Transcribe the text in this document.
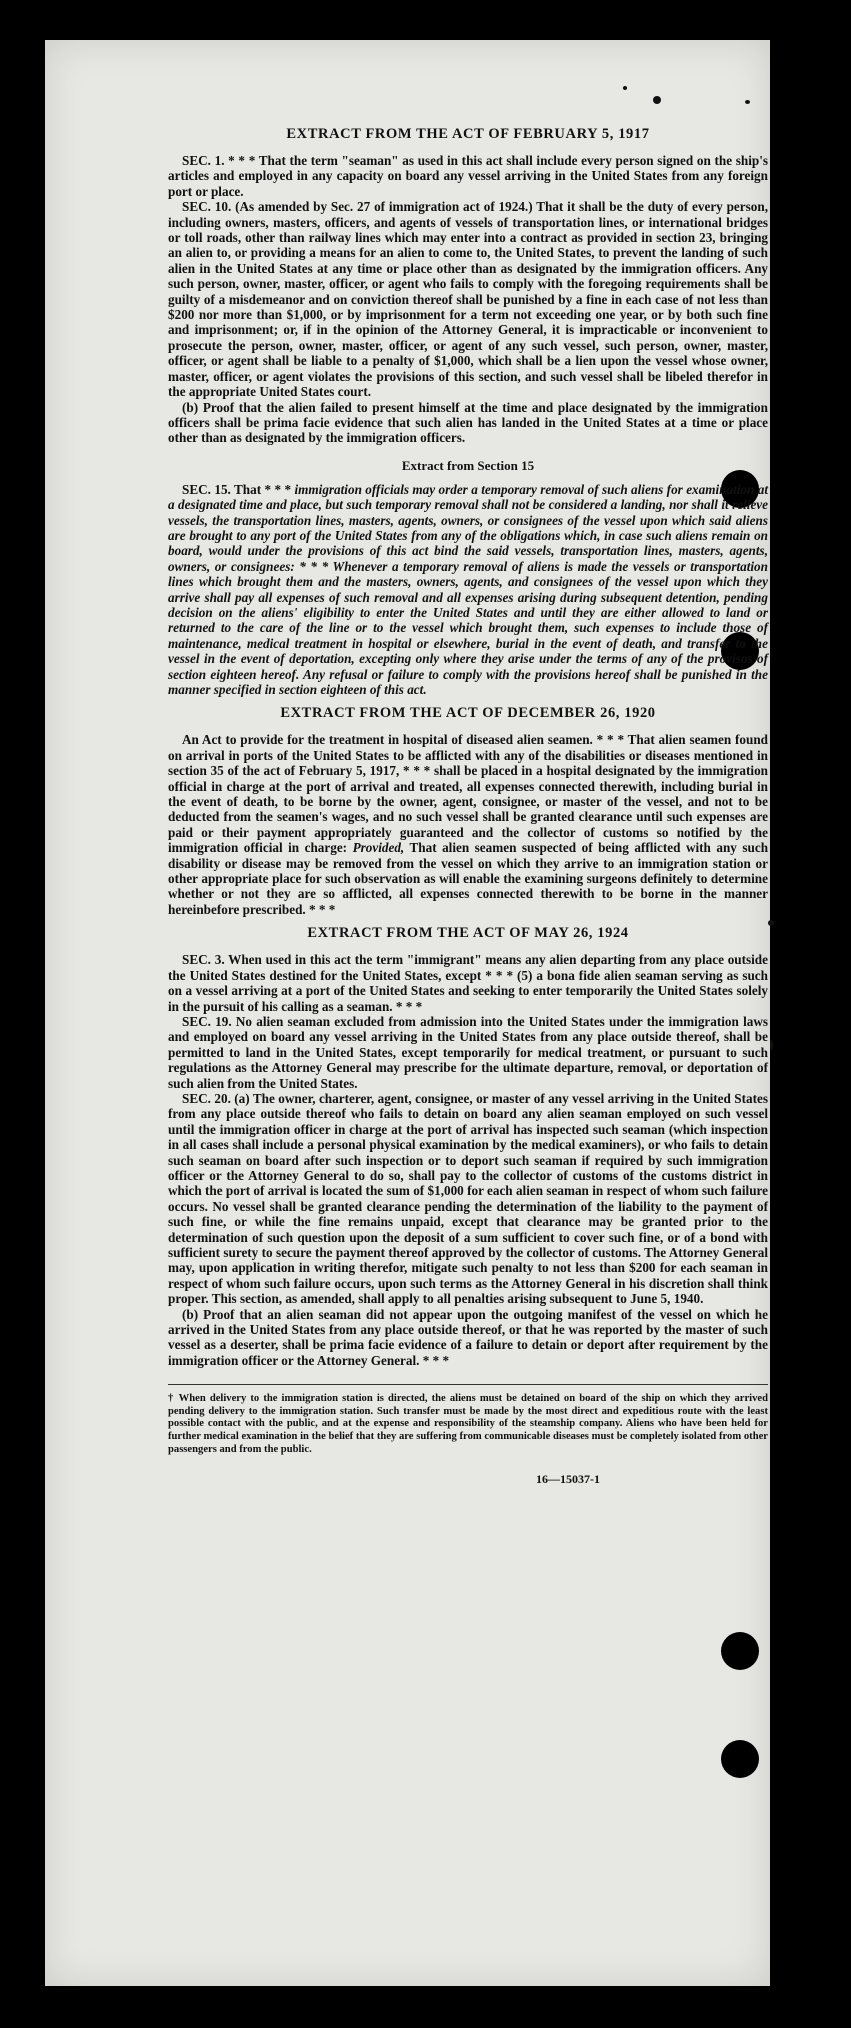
EXTRACT FROM THE ACT OF FEBRUARY 5, 1917

SEC. 1. * * * That the term "seaman" as used in this act shall include every person signed on the ship's articles and employed in any capacity on board any vessel arriving in the United States from any foreign port or place.

SEC. 10. (As amended by Sec. 27 of immigration act of 1924.) That it shall be the duty of every person, including owners, masters, officers, and agents of vessels of transportation lines, or international bridges or toll roads, other than railway lines which may enter into a contract as provided in section 23, bringing an alien to, or providing a means for an alien to come to, the United States, to prevent the landing of such alien in the United States at any time or place other than as designated by the immigration officers. Any such person, owner, master, officer, or agent who fails to comply with the foregoing requirements shall be guilty of a misdemeanor and on conviction thereof shall be punished by a fine in each case of not less than $200 nor more than $1,000, or by imprisonment for a term not exceeding one year, or by both such fine and imprisonment; or, if in the opinion of the Attorney General, it is impracticable or inconvenient to prosecute the person, owner, master, officer, or agent of any such vessel, such person, owner, master, officer, or agent shall be liable to a penalty of $1,000, which shall be a lien upon the vessel whose owner, master, officer, or agent violates the provisions of this section, and such vessel shall be libeled therefor in the appropriate United States court.

(b) Proof that the alien failed to present himself at the time and place designated by the immigration officers shall be prima facie evidence that such alien has landed in the United States at a time or place other than as designated by the immigration officers.

Extract from Section 15

SEC. 15. That * * * immigration officials may order a temporary removal of such aliens for examination at a designated time and place, but such temporary removal shall not be considered a landing, nor shall it relieve vessels, the transportation lines, masters, agents, owners, or consignees of the vessel upon which said aliens are brought to any port of the United States from any of the obligations which, in case such aliens remain on board, would under the provisions of this act bind the said vessels, transportation lines, masters, agents, owners, or consignees: * * * Whenever a temporary removal of aliens is made the vessels or transportation lines which brought them and the masters, owners, agents, and consignees of the vessel upon which they arrive shall pay all expenses of such removal and all expenses arising during subsequent detention, pending decision on the aliens' eligibility to enter the United States and until they are either allowed to land or returned to the care of the line or to the vessel which brought them, such expenses to include those of maintenance, medical treatment in hospital or elsewhere, burial in the event of death, and transfer to the vessel in the event of deportation, excepting only where they arise under the terms of any of the provisos of section eighteen hereof. Any refusal or failure to comply with the provisions hereof shall be punished in the manner specified in section eighteen of this act.

EXTRACT FROM THE ACT OF DECEMBER 26, 1920

An Act to provide for the treatment in hospital of diseased alien seamen. * * * That alien seamen found on arrival in ports of the United States to be afflicted with any of the disabilities or diseases mentioned in section 35 of the act of February 5, 1917, * * * shall be placed in a hospital designated by the immigration official in charge at the port of arrival and treated, all expenses connected therewith, including burial in the event of death, to be borne by the owner, agent, consignee, or master of the vessel, and not to be deducted from the seamen's wages, and no such vessel shall be granted clearance until such expenses are paid or their payment appropriately guaranteed and the collector of customs so notified by the immigration official in charge: Provided, That alien seamen suspected of being afflicted with any such disability or disease may be removed from the vessel on which they arrive to an immigration station or other appropriate place for such observation as will enable the examining surgeons definitely to determine whether or not they are so afflicted, all expenses connected therewith to be borne in the manner hereinbefore prescribed. * * *

EXTRACT FROM THE ACT OF MAY 26, 1924

SEC. 3. When used in this act the term "immigrant" means any alien departing from any place outside the United States destined for the United States, except * * * (5) a bona fide alien seaman serving as such on a vessel arriving at a port of the United States and seeking to enter temporarily the United States solely in the pursuit of his calling as a seaman. * * *

SEC. 19. No alien seaman excluded from admission into the United States under the immigration laws and employed on board any vessel arriving in the United States from any place outside thereof, shall be permitted to land in the United States, except temporarily for medical treatment, or pursuant to such regulations as the Attorney General may prescribe for the ultimate departure, removal, or deportation of such alien from the United States.

SEC. 20. (a) The owner, charterer, agent, consignee, or master of any vessel arriving in the United States from any place outside thereof who fails to detain on board any alien seaman employed on such vessel until the immigration officer in charge at the port of arrival has inspected such seaman (which inspection in all cases shall include a personal physical examination by the medical examiners), or who fails to detain such seaman on board after such inspection or to deport such seaman if required by such immigration officer or the Attorney General to do so, shall pay to the collector of customs of the customs district in which the port of arrival is located the sum of $1,000 for each alien seaman in respect of whom such failure occurs. No vessel shall be granted clearance pending the determination of the liability to the payment of such fine, or while the fine remains unpaid, except that clearance may be granted prior to the determination of such question upon the deposit of a sum sufficient to cover such fine, or of a bond with sufficient surety to secure the payment thereof approved by the collector of customs. The Attorney General may, upon application in writing therefor, mitigate such penalty to not less than $200 for each seaman in respect of whom such failure occurs, upon such terms as the Attorney General in his discretion shall think proper. This section, as amended, shall apply to all penalties arising subsequent to June 5, 1940.

(b) Proof that an alien seaman did not appear upon the outgoing manifest of the vessel on which he arrived in the United States from any place outside thereof, or that he was reported by the master of such vessel as a deserter, shall be prima facie evidence of a failure to detain or deport after requirement by the immigration officer or the Attorney General. * * *

† When delivery to the immigration station is directed, the aliens must be detained on board of the ship on which they arrived pending delivery to the immigration station. Such transfer must be made by the most direct and expeditious route with the least possible contact with the public, and at the expense and responsibility of the steamship company. Aliens who have been held for further medical examination in the belief that they are suffering from communicable diseases must be completely isolated from other passengers and from the public.
16—15037-1
